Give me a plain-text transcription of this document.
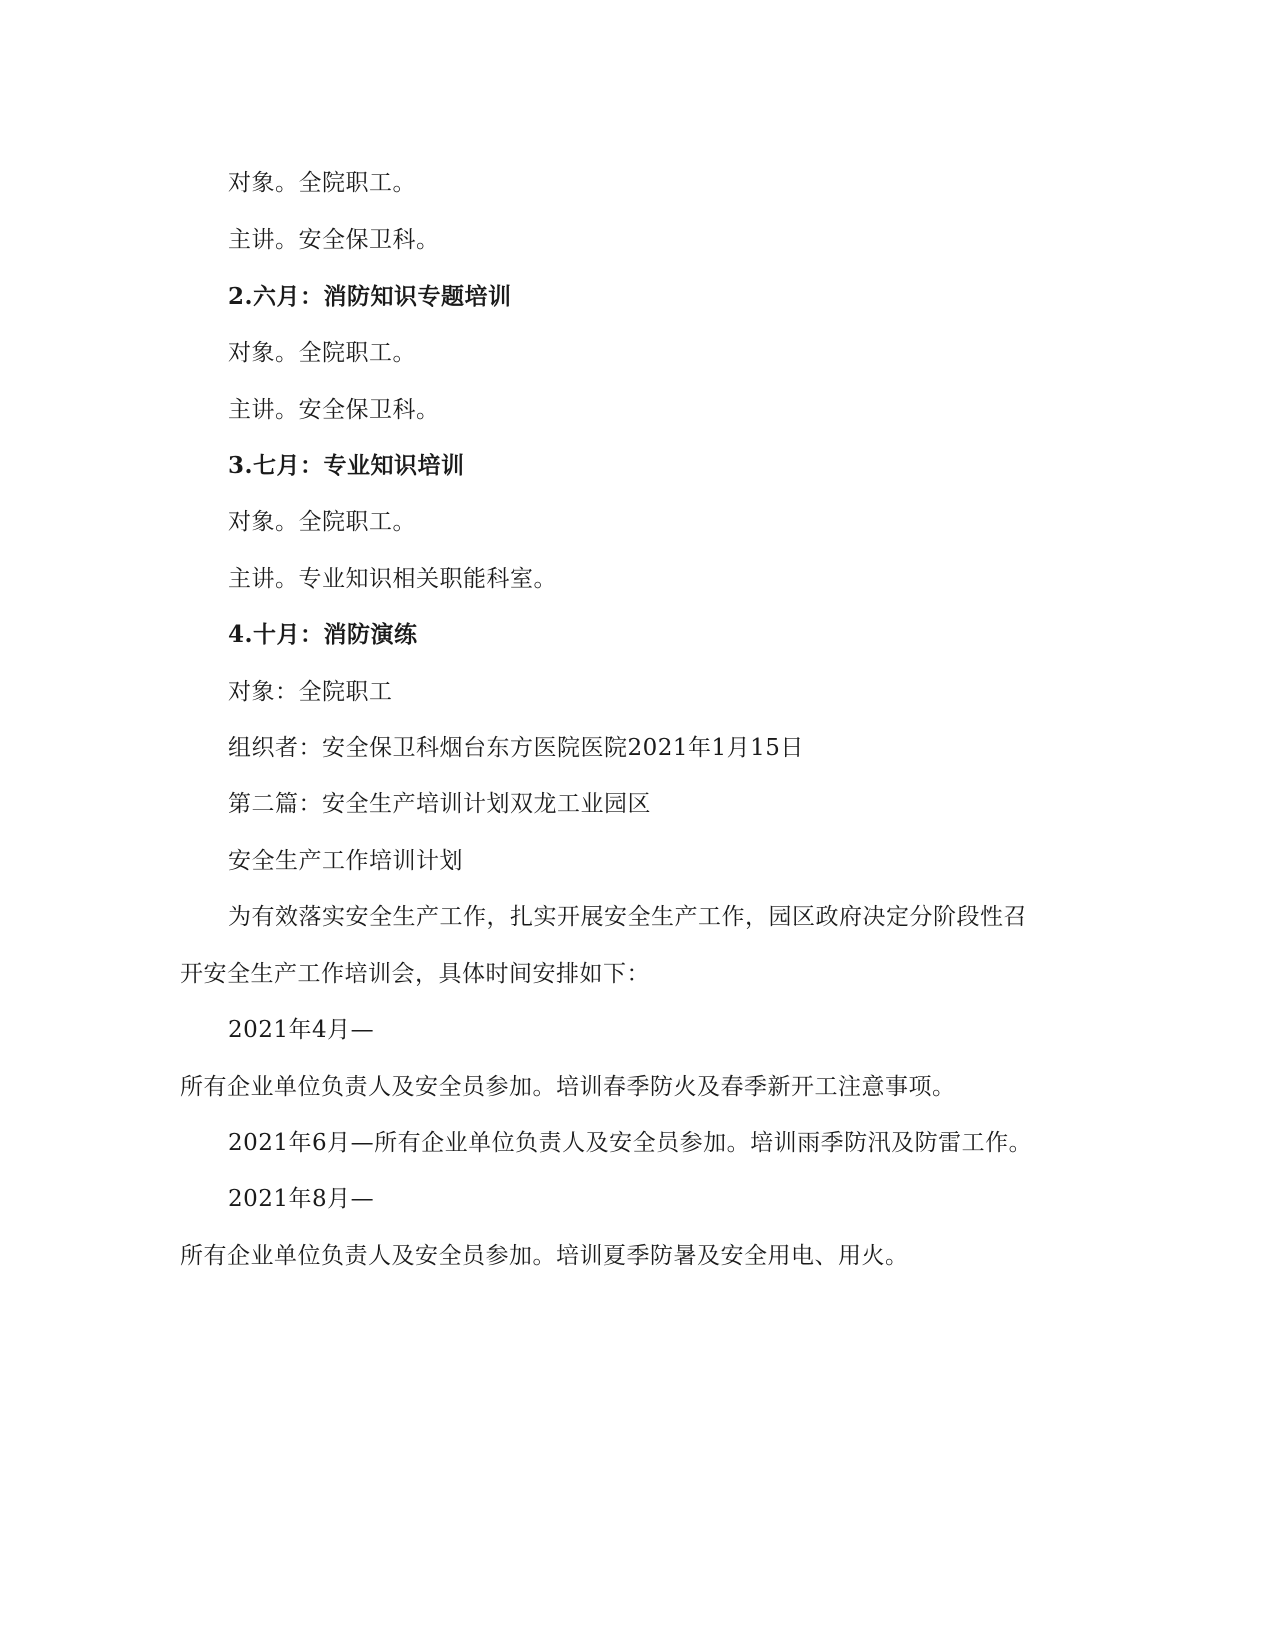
对象。全院职工。
主讲。安全保卫科。
2.六月：消防知识专题培训
对象。全院职工。
主讲。安全保卫科。
3.七月：专业知识培训
对象。全院职工。
主讲。专业知识相关职能科室。
4.十月：消防演练
对象：全院职工
组织者：安全保卫科烟台东方医院医院2021年1月15日
第二篇：安全生产培训计划双龙工业园区
安全生产工作培训计划
为有效落实安全生产工作，扎实开展安全生产工作，园区政府决定分阶段性召
开安全生产工作培训会，具体时间安排如下：
2021年4月—
所有企业单位负责人及安全员参加。培训春季防火及春季新开工注意事项。
2021年6月—所有企业单位负责人及安全员参加。培训雨季防汛及防雷工作。
2021年8月—
所有企业单位负责人及安全员参加。培训夏季防暑及安全用电、用火。
